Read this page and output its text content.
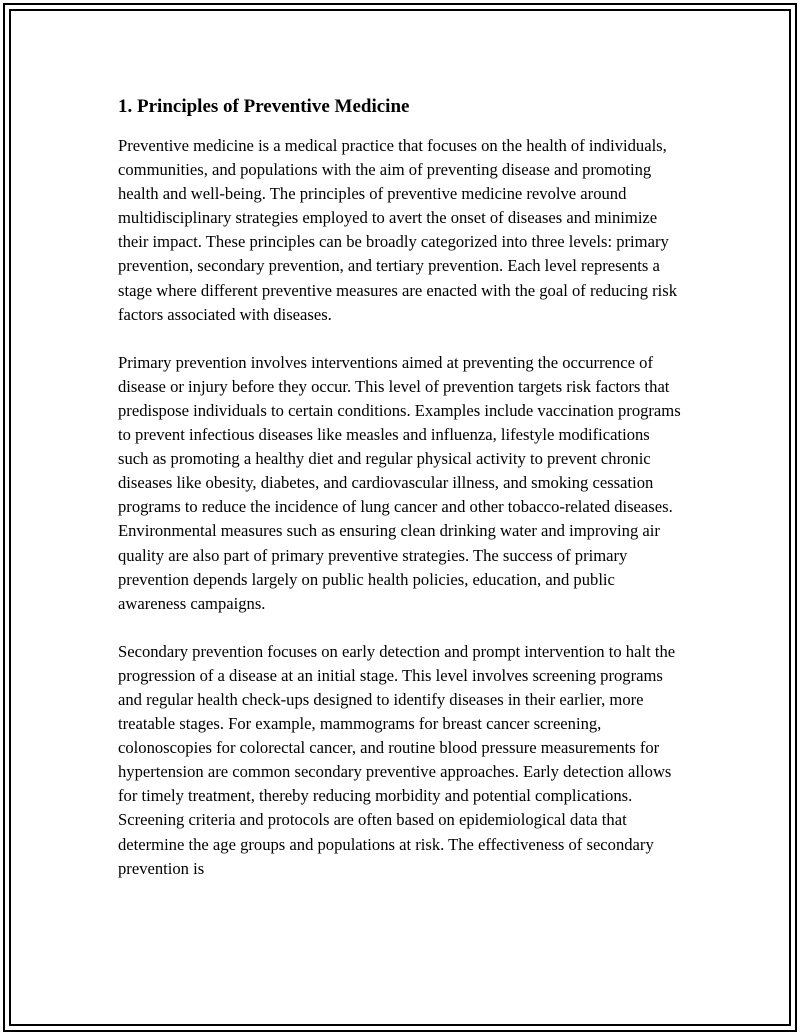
1. Principles of Preventive Medicine

Preventive medicine is a medical practice that focuses on the health of individuals, communities, and populations with the aim of preventing disease and promoting health and well-being. The principles of preventive medicine revolve around multidisciplinary strategies employed to avert the onset of diseases and minimize their impact. These principles can be broadly categorized into three levels: primary prevention, secondary prevention, and tertiary prevention. Each level represents a stage where different preventive measures are enacted with the goal of reducing risk factors associated with diseases.

Primary prevention involves interventions aimed at preventing the occurrence of disease or injury before they occur. This level of prevention targets risk factors that predispose individuals to certain conditions. Examples include vaccination programs to prevent infectious diseases like measles and influenza, lifestyle modifications such as promoting a healthy diet and regular physical activity to prevent chronic diseases like obesity, diabetes, and cardiovascular illness, and smoking cessation programs to reduce the incidence of lung cancer and other tobacco-related diseases. Environmental measures such as ensuring clean drinking water and improving air quality are also part of primary preventive strategies. The success of primary prevention depends largely on public health policies, education, and public awareness campaigns.

Secondary prevention focuses on early detection and prompt intervention to halt the progression of a disease at an initial stage. This level involves screening programs and regular health check-ups designed to identify diseases in their earlier, more treatable stages. For example, mammograms for breast cancer screening, colonoscopies for colorectal cancer, and routine blood pressure measurements for hypertension are common secondary preventive approaches. Early detection allows for timely treatment, thereby reducing morbidity and potential complications. Screening criteria and protocols are often based on epidemiological data that determine the age groups and populations at risk. The effectiveness of secondary prevention is
